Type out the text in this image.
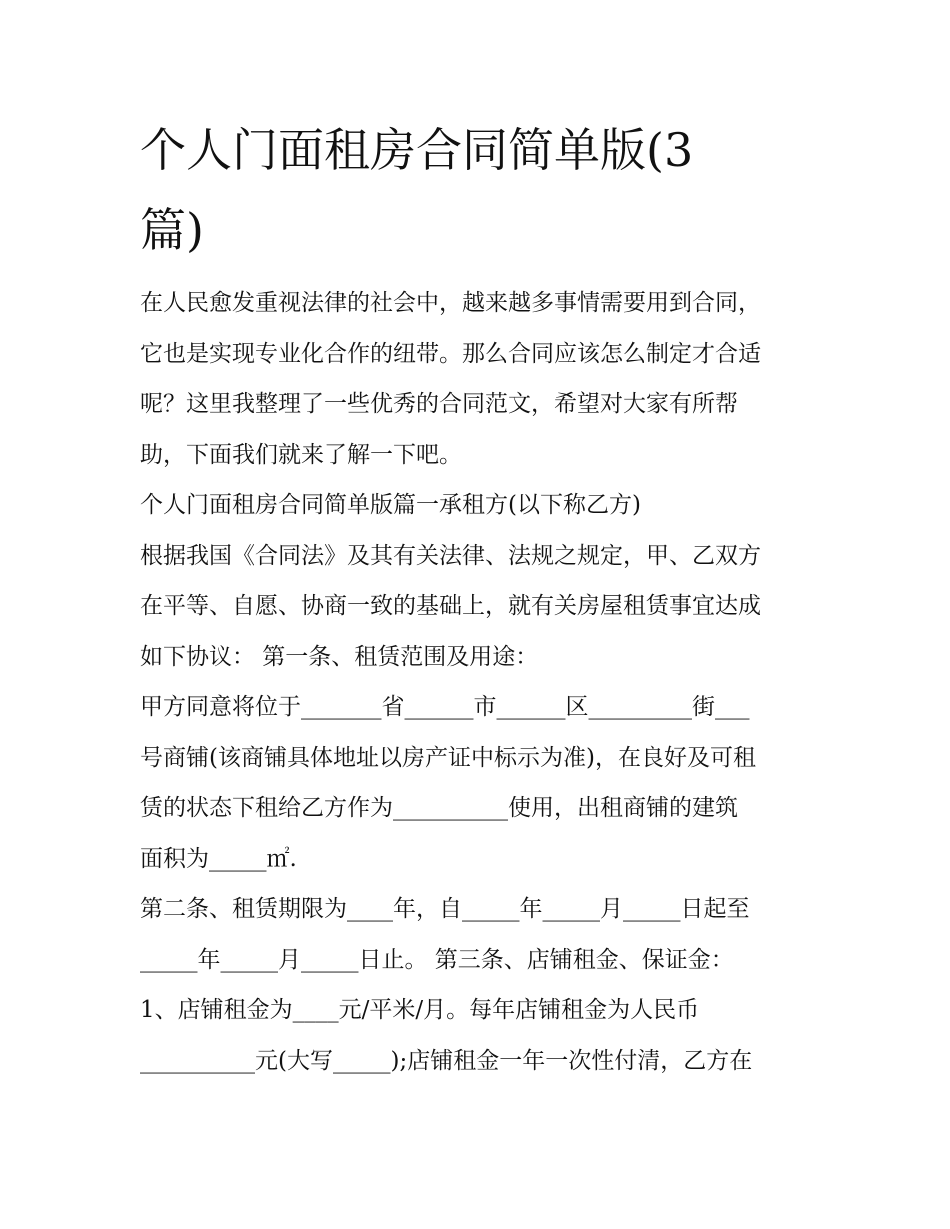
个人门面租房合同简单版(3
篇)

在人民愈发重视法律的社会中，越来越多事情需要用到合同，

它也是实现专业化合作的纽带。那么合同应该怎么制定才合适

呢？这里我整理了一些优秀的合同范文，希望对大家有所帮

助，下面我们就来了解一下吧。

个人门面租房合同简单版篇一承租方(以下称乙方)

根据我国《合同法》及其有关法律、法规之规定，甲、乙双方

在平等、自愿、协商一致的基础上，就有关房屋租赁事宜达成

如下协议： 第一条、租赁范围及用途：

甲方同意将位于_______省______市______区_________街___

号商铺(该商铺具体地址以房产证中标示为准)，在良好及可租

赁的状态下租给乙方作为__________使用，出租商铺的建筑

面积为_____㎡.

第二条、租赁期限为____年，自_____年_____月_____日起至

_____年_____月_____日止。 第三条、店铺租金、保证金：

1、店铺租金为____元/平米/月。每年店铺租金为人民币

__________元(大写_____);店铺租金一年一次性付清，乙方在
